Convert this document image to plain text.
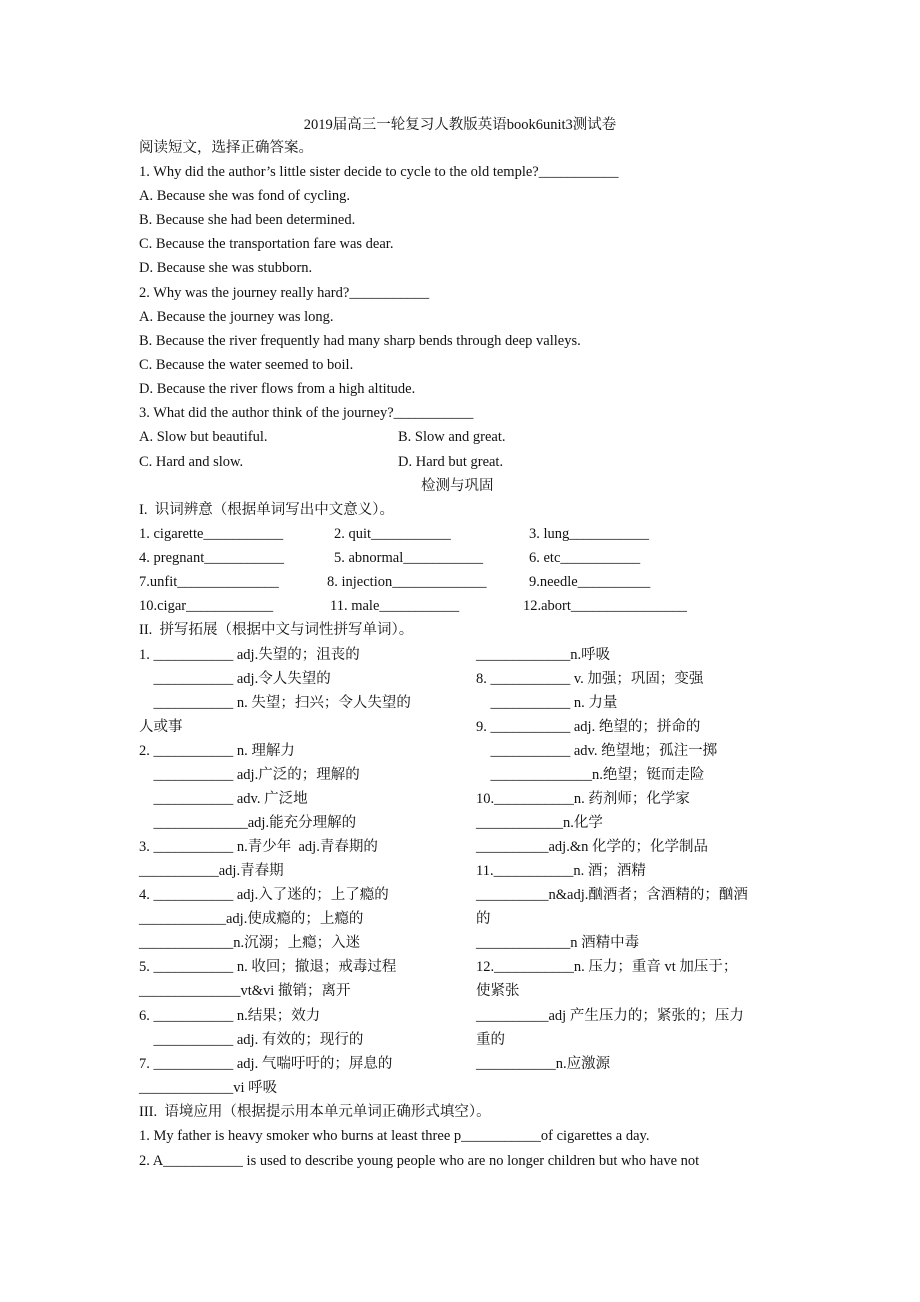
2019届高三一轮复习人教版英语book6unit3测试卷
阅读短文，选择正确答案。
1. Why did the author’s little sister decide to cycle to the old temple?___________
A. Because she was fond of cycling.
B. Because she had been determined.
C. Because the transportation fare was dear.
D. Because she was stubborn.
2. Why was the journey really hard?___________
A. Because the journey was long.
B. Because the river frequently had many sharp bends through deep valleys.
C. Because the water seemed to boil.
D. Because the river flows from a high altitude.
3. What did the author think of the journey?___________
A. Slow but beautiful.	B. Slow and great.
C. Hard and slow.	D. Hard but great.
检测与巩固
I.  识词辨意（根据单词写出中文意义）。
1. cigarette___________	2. quit___________	3. lung___________
4. pregnant___________	5. abnormal___________	6. etc___________
7.unfit______________	8. injection_____________	9.needle__________
10.cigar____________	11. male___________	12.abort________________
II.  拼写拓展（根据中文与词性拼写单词）。
1. ___________ adj.失望的；沮丧的
___________ adj.令人失望的
___________ n. 失望；扫兴；令人失望的
人或事
2. ___________ n. 理解力
___________ adj.广泛的；理解的
___________ adv. 广泛地
_____________adj.能充分理解的
3. ___________ n.青少年  adj.青春期的
___________adj.青春期
4. ___________ adj.入了迷的；上了瘾的
____________adj.使成瘾的；上瘾的
_____________n.沉溺；上瘾；入迷
5. ___________ n. 收回；撤退；戒毒过程
______________vt&vi 撤销；离开
6. ___________ n.结果；效力
___________ adj. 有效的；现行的
7. ___________ adj. 气喘吁吁的；屏息的
_____________vi 呼吸
_____________n.呼吸
8. ___________ v. 加强；巩固；变强
___________ n. 力量
9. ___________ adj. 绝望的；拼命的
___________ adv. 绝望地；孤注一掷
______________n.绝望；铤而走险
10.___________n. 药剂师；化学家
____________n.化学
__________adj.&n 化学的；化学制品
11.___________n. 酒；酒精
__________n&adj.酗酒者；含酒精的；酗酒
的
_____________n 酒精中毒
12.___________n. 压力；重音 vt 加压于；
使紧张
__________adj 产生压力的；紧张的；压力
重的
___________n.应激源
III.  语境应用（根据提示用本单元单词正确形式填空）。
1. My father is heavy smoker who burns at least three p___________of cigarettes a day.
2. A___________ is used to describe young people who are no longer children but who have not
